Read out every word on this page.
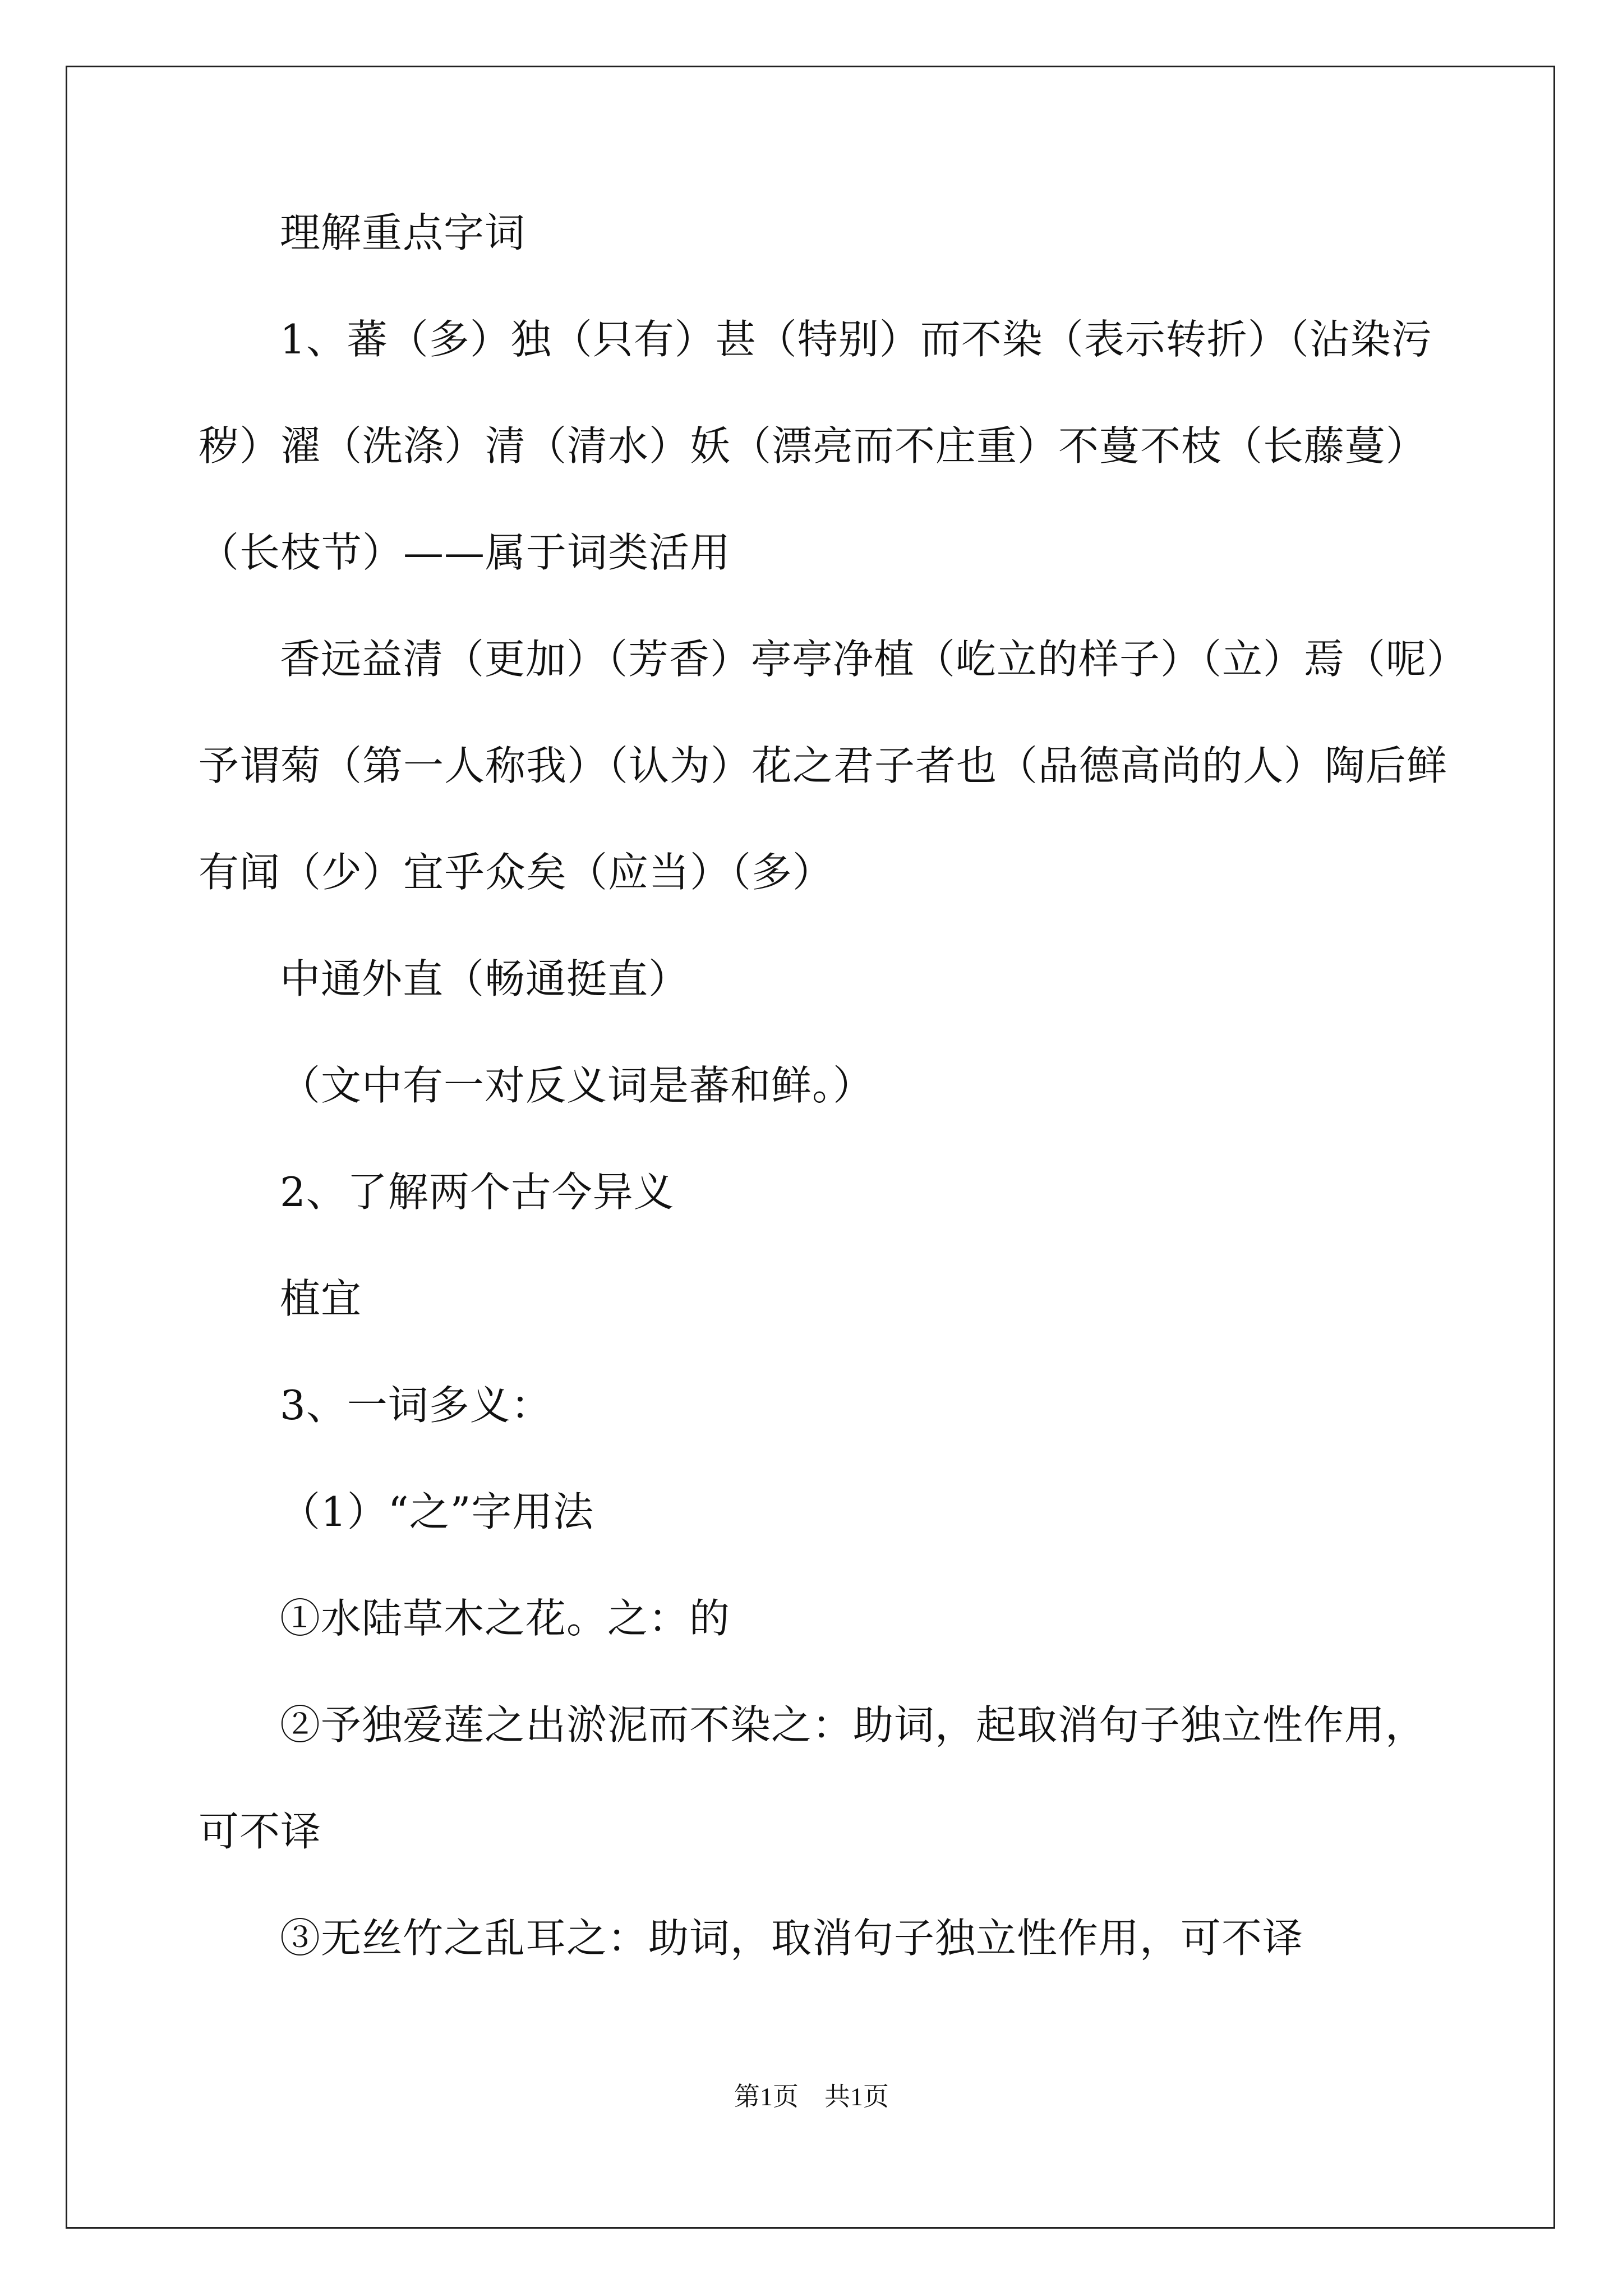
理解重点字词
1、蕃（多）独（只有）甚（特别）而不染（表示转折）（沾染污
秽）濯（洗涤）清（清水）妖（漂亮而不庄重）不蔓不枝（长藤蔓）
（长枝节）——属于词类活用
香远益清（更加）（芳香）亭亭净植（屹立的样子）（立）焉（呢）
予谓菊（第一人称我）（认为）花之君子者也（品德高尚的人）陶后鲜
有闻（少）宜乎众矣（应当）（多）
中通外直（畅通挺直）
（文中有一对反义词是蕃和鲜。）
2、了解两个古今异义
植宜
3、一词多义：
（1）“之”字用法
①水陆草木之花。之：的
②予独爱莲之出淤泥而不染之：助词，起取消句子独立性作用，
可不译
③无丝竹之乱耳之：助词，取消句子独立性作用，可不译
第1页　共1页
